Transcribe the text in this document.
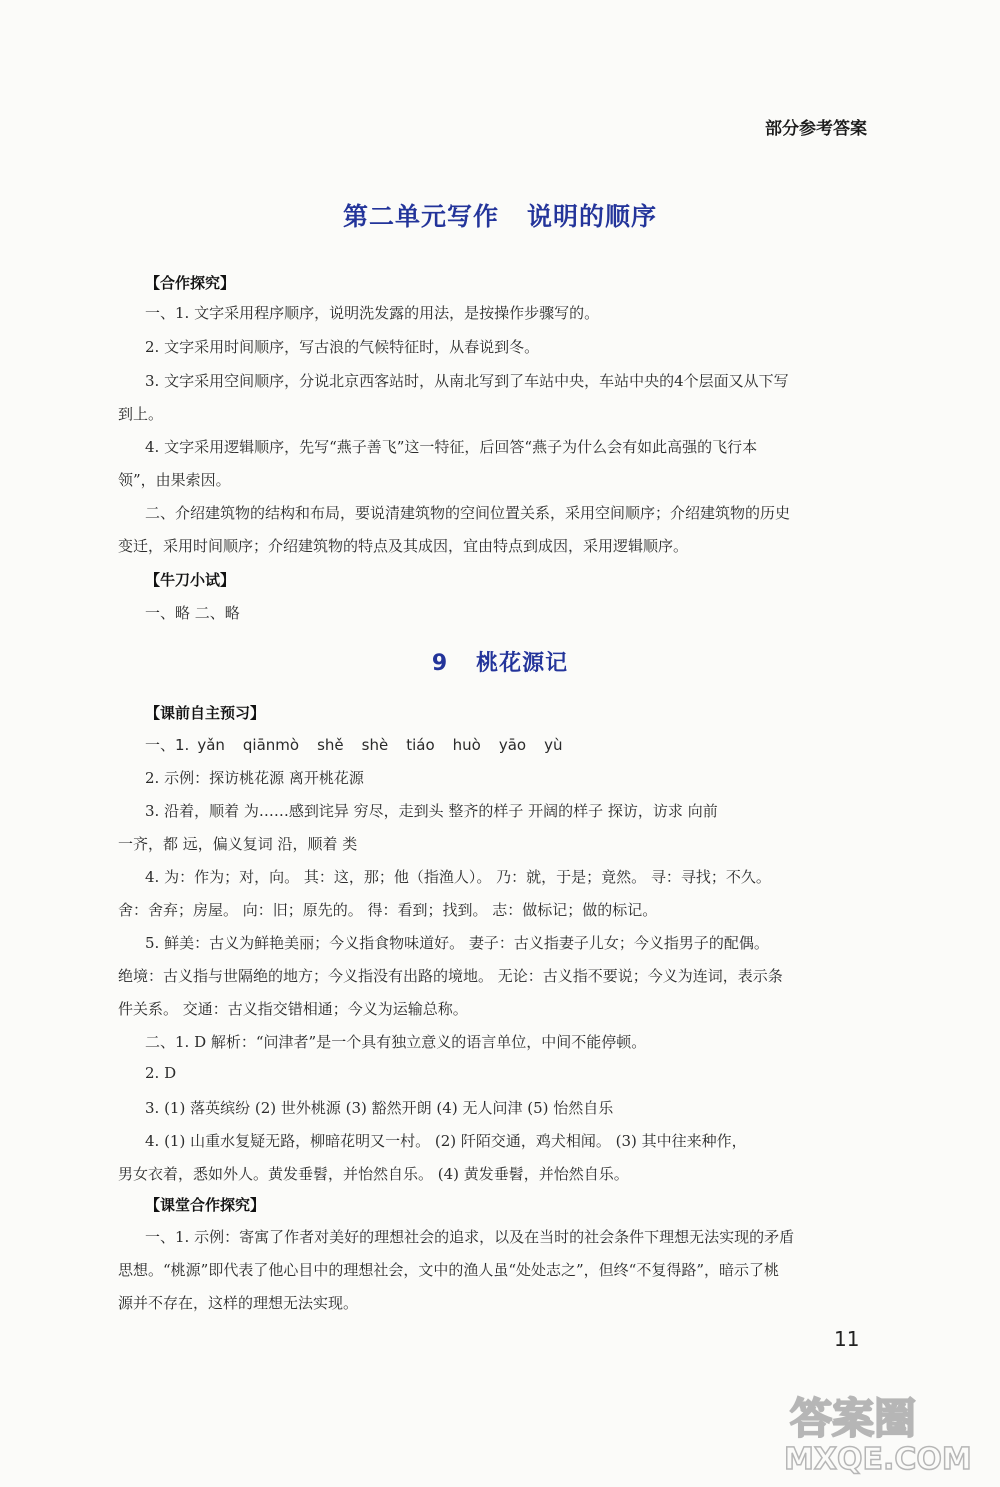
部分参考答案
第二单元写作 说明的顺序
【合作探究】
一、1. 文字采用程序顺序，说明洗发露的用法，是按操作步骤写的。
2. 文字采用时间顺序，写古浪的气候特征时，从春说到冬。
3. 文字采用空间顺序，分说北京西客站时，从南北写到了车站中央，车站中央的4个层面又从下写
到上。
4. 文字采用逻辑顺序，先写“燕子善飞”这一特征，后回答“燕子为什么会有如此高强的飞行本
领”，由果索因。
二、介绍建筑物的结构和布局，要说清建筑物的空间位置关系，采用空间顺序；介绍建筑物的历史
变迁，采用时间顺序；介绍建筑物的特点及其成因，宜由特点到成因，采用逻辑顺序。
【牛刀小试】
一、略 二、略
9 桃花源记
【课前自主预习】
一、1. yǎn qiānmò shě shè tiáo huò yāo yù
2. 示例：探访桃花源 离开桃花源
3. 沿着，顺着 为……感到诧异 穷尽，走到头 整齐的样子 开阔的样子 探访，访求 向前
一齐，都 远，偏义复词 沿，顺着 类
4. 为：作为；对，向。 其：这，那；他（指渔人）。 乃：就，于是；竟然。 寻：寻找；不久。
舍：舍弃；房屋。 向：旧；原先的。 得：看到；找到。 志：做标记；做的标记。
5. 鲜美：古义为鲜艳美丽；今义指食物味道好。 妻子：古义指妻子儿女；今义指男子的配偶。
绝境：古义指与世隔绝的地方；今义指没有出路的境地。 无论：古义指不要说；今义为连词，表示条
件关系。 交通：古义指交错相通；今义为运输总称。
二、1. D 解析：“问津者”是一个具有独立意义的语言单位，中间不能停顿。
2. D
3. (1) 落英缤纷 (2) 世外桃源 (3) 豁然开朗 (4) 无人问津 (5) 怡然自乐
4. (1) 山重水复疑无路，柳暗花明又一村。 (2) 阡陌交通，鸡犬相闻。 (3) 其中往来种作，
男女衣着，悉如外人。黄发垂髫，并怡然自乐。 (4) 黄发垂髫，并怡然自乐。
【课堂合作探究】
一、1. 示例：寄寓了作者对美好的理想社会的追求，以及在当时的社会条件下理想无法实现的矛盾
思想。“桃源”即代表了他心目中的理想社会，文中的渔人虽“处处志之”，但终“不复得路”，暗示了桃
源并不存在，这样的理想无法实现。
11
答案圈
MXQE.COM
